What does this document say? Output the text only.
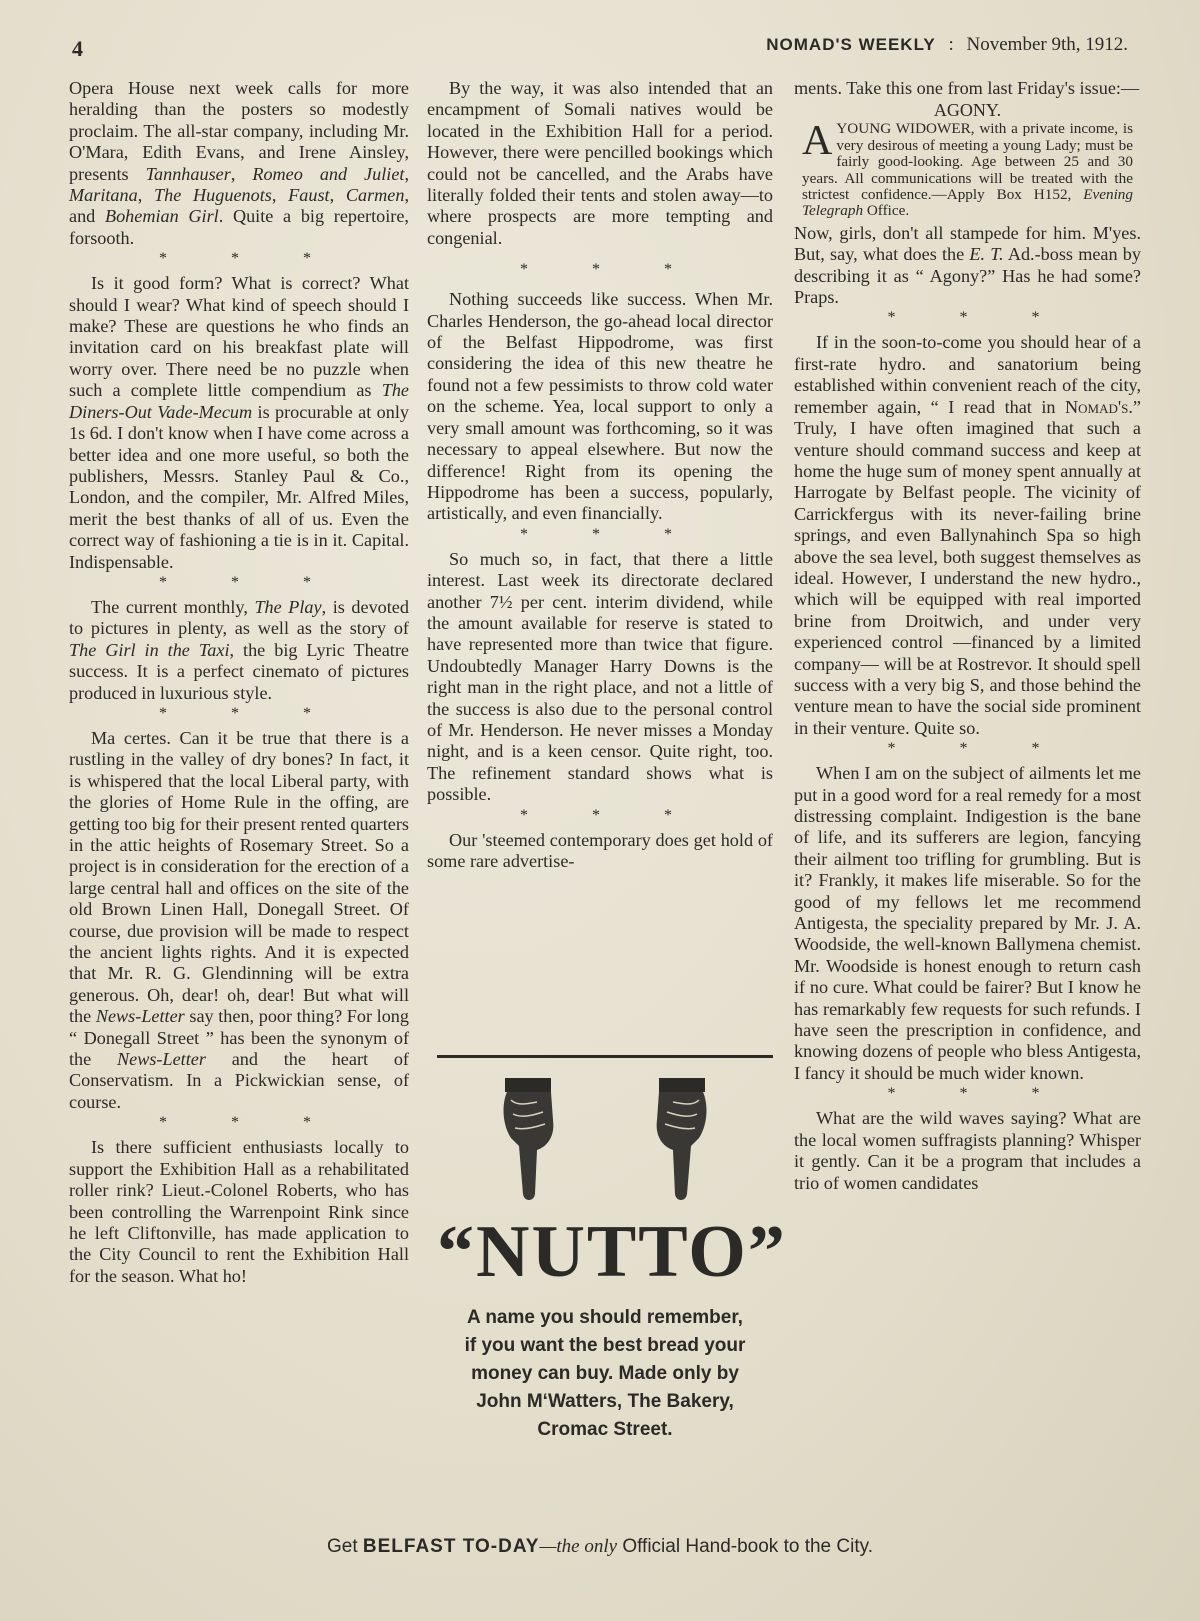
4	NOMAD'S WEEKLY : November 9th, 1912.

Opera House next week calls for more heralding than the posters so modestly proclaim. The all-star company, including Mr. O'Mara, Edith Evans, and Irene Ainsley, presents Tannhauser, Romeo and Juliet, Maritana, The Huguenots, Faust, Carmen, and Bohemian Girl. Quite a big repertoire, forsooth.

* * *

Is it good form? What is correct? What should I wear? What kind of speech should I make? These are questions he who finds an invitation card on his breakfast plate will worry over. There need be no puzzle when such a complete little compendium as The Diners-Out Vade-Mecum is procurable at only 1s 6d. I don't know when I have come across a better idea and one more useful, so both the publishers, Messrs. Stanley Paul & Co., London, and the compiler, Mr. Alfred Miles, merit the best thanks of all of us. Even the correct way of fashioning a tie is in it. Capital. Indispensable.

* * *

The current monthly, The Play, is devoted to pictures in plenty, as well as the story of The Girl in the Taxi, the big Lyric Theatre success. It is a perfect cinemato of pictures produced in luxurious style.

* * *

Ma certes. Can it be true that there is a rustling in the valley of dry bones? In fact, it is whispered that the local Liberal party, with the glories of Home Rule in the offing, are getting too big for their present rented quarters in the attic heights of Rosemary Street. So a project is in consideration for the erection of a large central hall and offices on the site of the old Brown Linen Hall, Donegall Street. Of course, due provision will be made to respect the ancient lights rights. And it is expected that Mr. R. G. Glendinning will be extra generous. Oh, dear! oh, dear! But what will the News-Letter say then, poor thing? For long “ Donegall Street ” has been the synonym of the News-Letter and the heart of Conservatism. In a Pickwickian sense, of course.

* * *

Is there sufficient enthusiasts locally to support the Exhibition Hall as a rehabilitated roller rink? Lieut.-Colonel Roberts, who has been controlling the Warrenpoint Rink since he left Cliftonville, has made application to the City Council to rent the Exhibition Hall for the season. What ho!

By the way, it was also intended that an encampment of Somali natives would be located in the Exhibition Hall for a period. However, there were pencilled bookings which could not be cancelled, and the Arabs have literally folded their tents and stolen away—to where prospects are more tempting and congenial.

* * *

Nothing succeeds like success. When Mr. Charles Henderson, the go-ahead local director of the Belfast Hippodrome, was first considering the idea of this new theatre he found not a few pessimists to throw cold water on the scheme. Yea, local support to only a very small amount was forthcoming, so it was necessary to appeal elsewhere. But now the difference! Right from its opening the Hippodrome has been a success, popularly, artistically, and even financially.

* * *

So much so, in fact, that there a little interest. Last week its directorate declared another 7½ per cent. interim dividend, while the amount available for reserve is stated to have represented more than twice that figure. Undoubtedly Manager Harry Downs is the right man in the right place, and not a little of the success is also due to the personal control of Mr. Henderson. He never misses a Monday night, and is a keen censor. Quite right, too. The refinement standard shows what is possible.

* * *

Our 'steemed contemporary does get hold of some rare advertise-

“NUTTO”
A name you should remember,
if you want the best bread your
money can buy. Made only by
John M‘Watters, The Bakery,
Cromac Street.

ments. Take this one from last Friday's issue:—

AGONY.
A YOUNG WIDOWER, with a private income, is very desirous of meeting a young Lady; must be fairly good-looking. Age between 25 and 30 years. All communications will be treated with the strictest confidence.—Apply Box H152, Evening Telegraph Office.

Now, girls, don't all stampede for him. M'yes. But, say, what does the E. T. Ad.-boss mean by describing it as “ Agony?” Has he had some? Praps.

* * *

If in the soon-to-come you should hear of a first-rate hydro. and sanatorium being established within convenient reach of the city, remember again, “ I read that in Nomad's.” Truly, I have often imagined that such a venture should command success and keep at home the huge sum of money spent annually at Harrogate by Belfast people. The vicinity of Carrickfergus with its never-failing brine springs, and even Ballynahinch Spa so high above the sea level, both suggest themselves as ideal. However, I understand the new hydro., which will be equipped with real imported brine from Droitwich, and under very experienced control —financed by a limited company— will be at Rostrevor. It should spell success with a very big S, and those behind the venture mean to have the social side prominent in their venture. Quite so.

* * *

When I am on the subject of ailments let me put in a good word for a real remedy for a most distressing complaint. Indigestion is the bane of life, and its sufferers are legion, fancying their ailment too trifling for grumbling. But is it? Frankly, it makes life miserable. So for the good of my fellows let me recommend Antigesta, the speciality prepared by Mr. J. A. Woodside, the well-known Ballymena chemist. Mr. Woodside is honest enough to return cash if no cure. What could be fairer? But I know he has remarkably few requests for such refunds. I have seen the prescription in confidence, and knowing dozens of people who bless Antigesta, I fancy it should be much wider known.

* * *

What are the wild waves saying? What are the local women suffragists planning? Whisper it gently. Can it be a program that includes a trio of women candidates

Get BELFAST TO-DAY—the only Official Hand-book to the City.
